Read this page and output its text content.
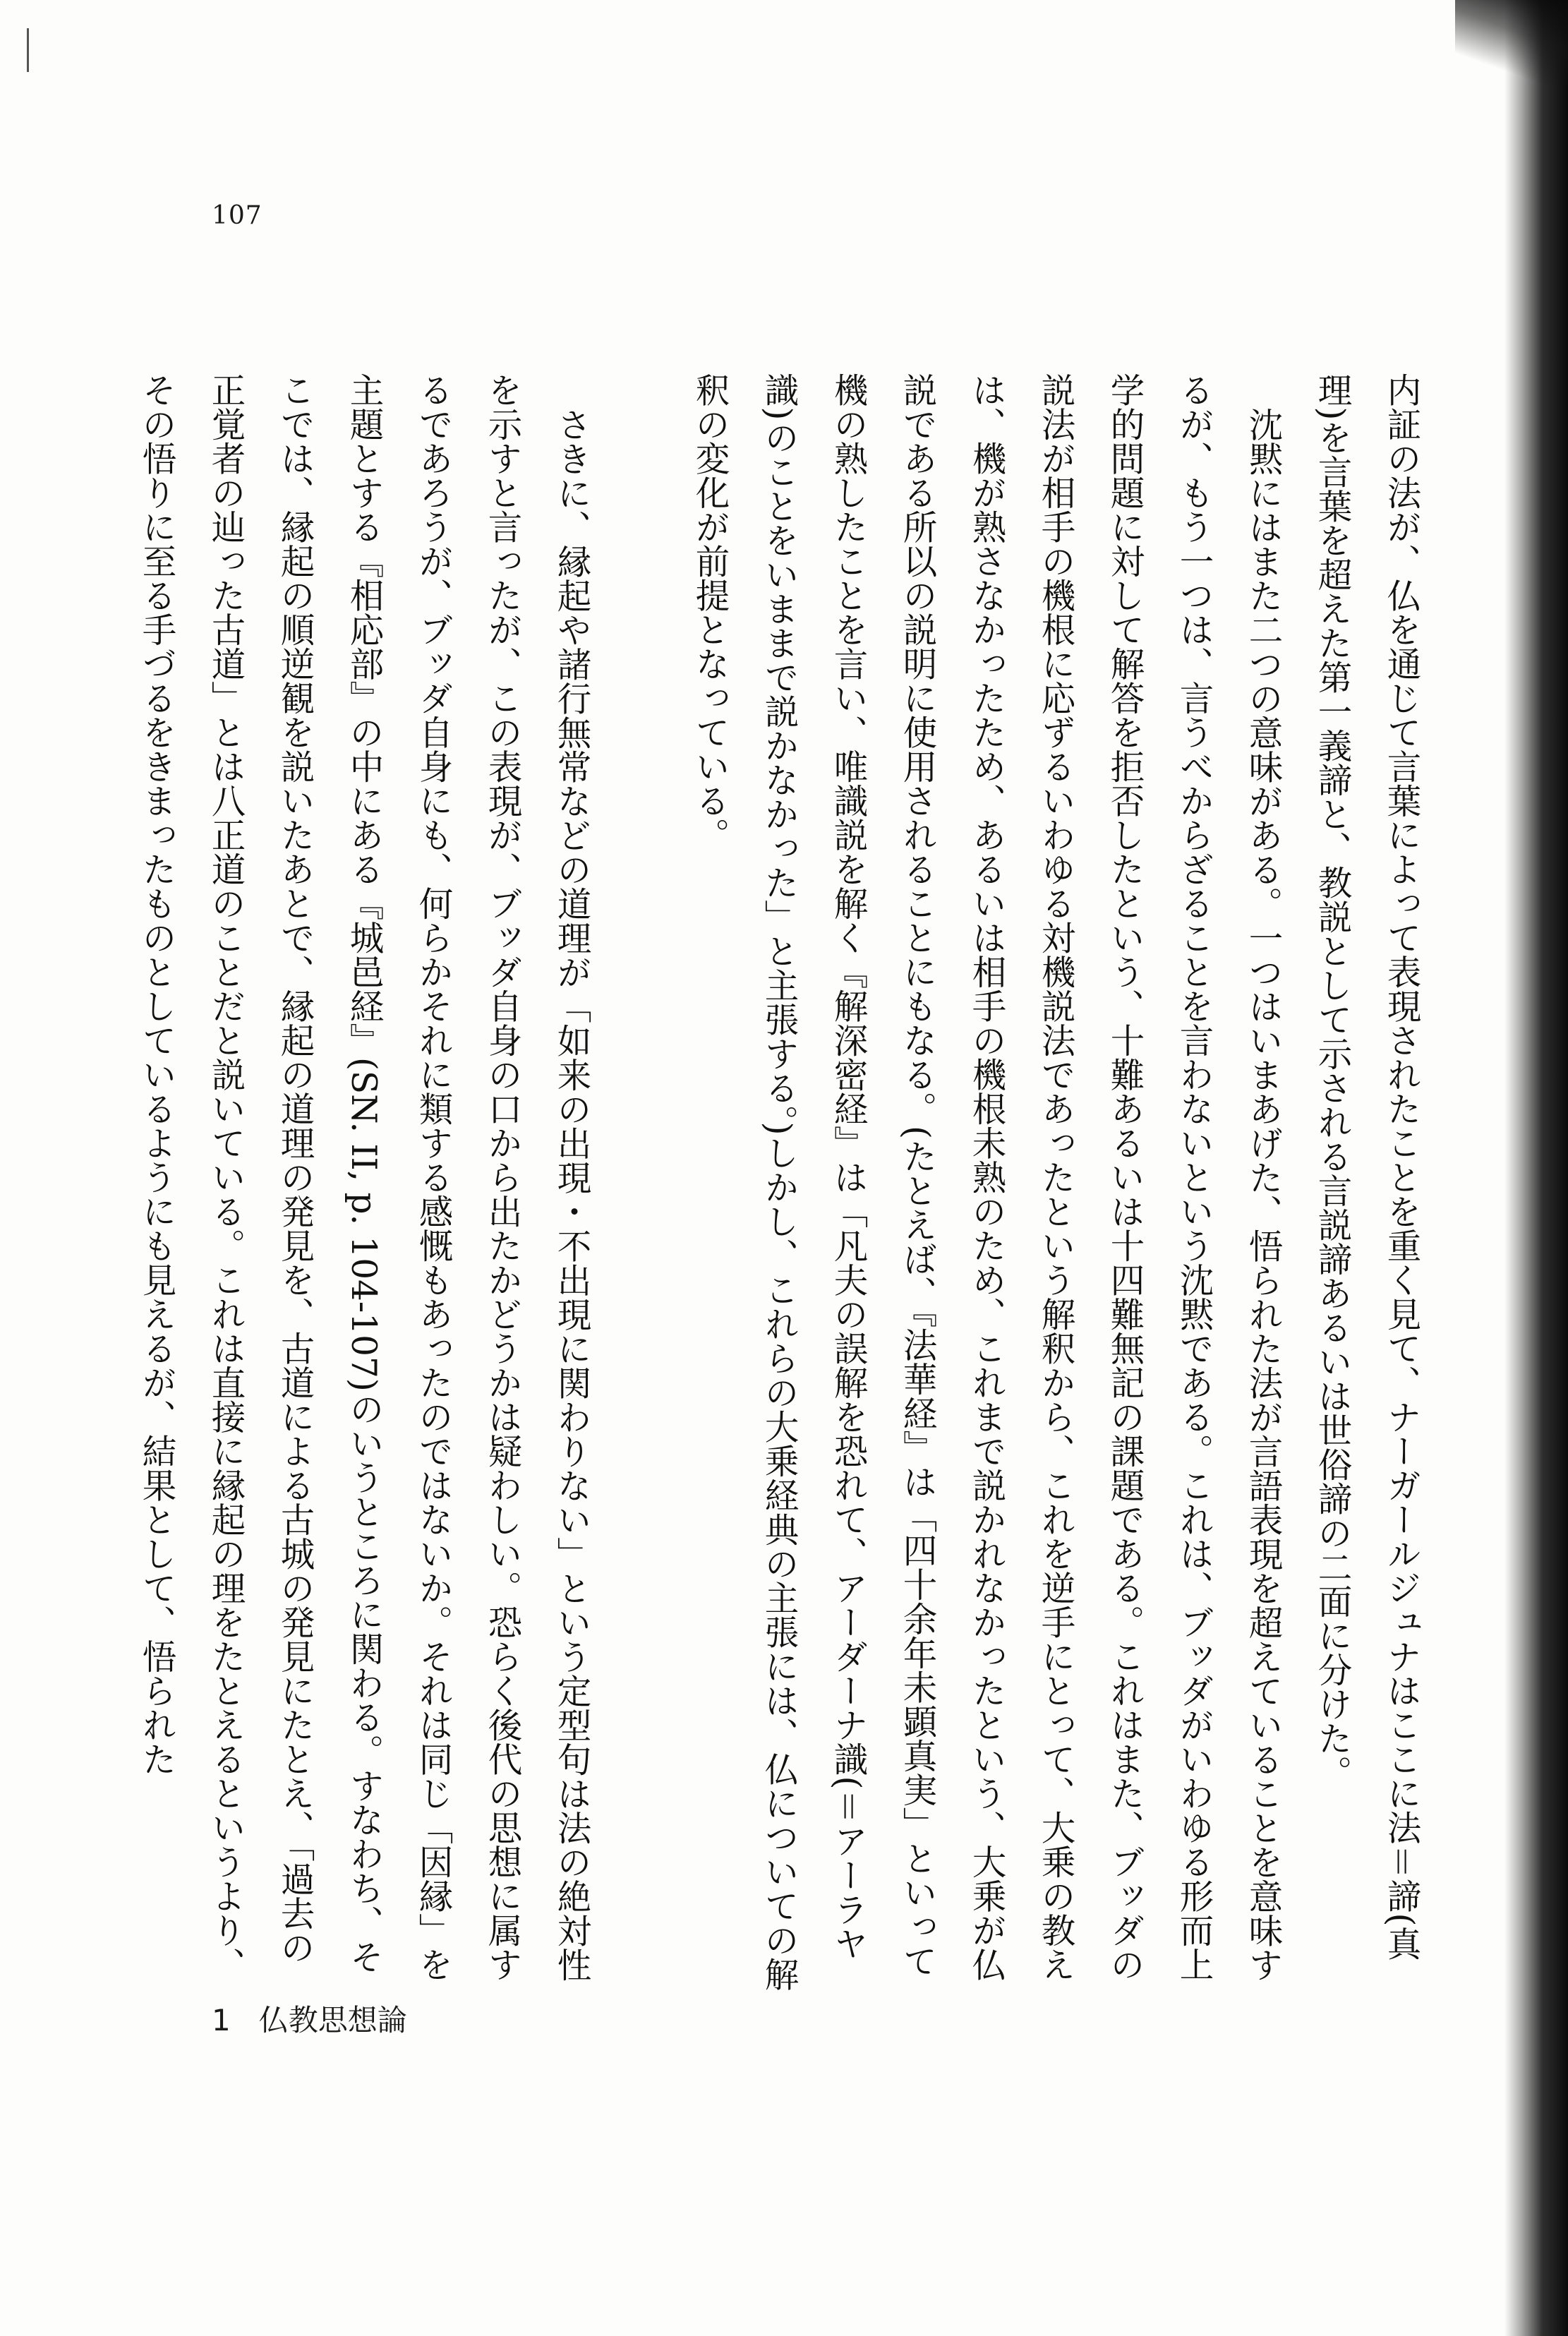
107

内証の法が、仏を通じて言葉によって表現されたことを重く見て、ナーガールジュナはここに法＝諦(真理)を言葉を超えた第一義諦と、教説として示される言説諦あるいは世俗諦の二面に分けた。

沈黙にはまた二つの意味がある。一つはいまあげた、悟られた法が言語表現を超えていることを意味するが、もう一つは、言うべからざることを言わないという沈黙である。これは、ブッダがいわゆる形而上学的問題に対して解答を拒否したという、十難あるいは十四難無記の課題である。これはまた、ブッダの説法が相手の機根に応ずるいわゆる対機説法であったという解釈から、これを逆手にとって、大乗の教えは、機が熟さなかったため、あるいは相手の機根未熟のため、これまで説かれなかったという、大乗が仏説である所以の説明に使用されることにもなる。(たとえば、『法華経』は「四十余年未顕真実」といって機の熟したことを言い、唯識説を解く『解深密経』は「凡夫の誤解を恐れて、アーダーナ識(＝アーラヤ識)のことをいままで説かなかった」と主張する。)しかし、これらの大乗経典の主張には、仏についての解釈の変化が前提となっている。

さきに、縁起や諸行無常などの道理が「如来の出現・不出現に関わりない」という定型句は法の絶対性を示すと言ったが、この表現が、ブッダ自身の口から出たかどうかは疑わしい。恐らく後代の思想に属するであろうが、ブッダ自身にも、何らかそれに類する感慨もあったのではないか。それは同じ「因縁」を主題とする『相応部』の中にある『城邑経』(SN. II, p. 104-107)のいうところに関わる。すなわち、そこでは、縁起の順逆観を説いたあとで、縁起の道理の発見を、古道による古城の発見にたとえ、「過去の正覚者の辿った古道」とは八正道のことだと説いている。これは直接に縁起の理をたとえるというより、その悟りに至る手づるをきまったものとしているようにも見えるが、結果として、悟られた

1 仏教思想論
